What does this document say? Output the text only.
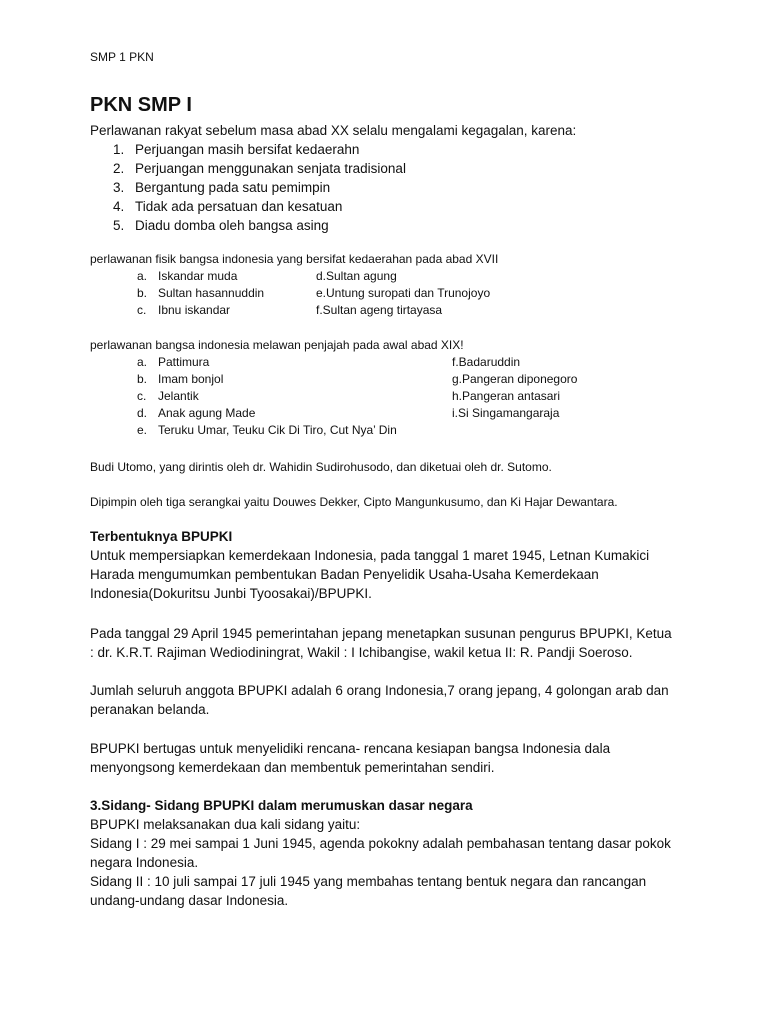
SMP 1 PKN
PKN SMP I
Perlawanan rakyat sebelum masa abad XX selalu mengalami kegagalan, karena:
1. Perjuangan masih bersifat kedaerahn
2. Perjuangan menggunakan senjata tradisional
3. Bergantung pada satu pemimpin
4. Tidak ada persatuan dan kesatuan
5. Diadu domba oleh bangsa asing
perlawanan fisik bangsa indonesia yang bersifat kedaerahan pada abad XVII
a. Iskandar muda
b. Sultan hasannuddin
c. Ibnu iskandar
d.Sultan agung
e.Untung suropati dan Trunojoyo
f.Sultan ageng tirtayasa
perlawanan bangsa indonesia melawan penjajah pada awal abad XIX!
a. Pattimura
b. Imam bonjol
c. Jelantik
d. Anak agung Made
e. Teruku Umar, Teuku Cik Di Tiro, Cut Nya’ Din
f.Badaruddin
g.Pangeran diponegoro
h.Pangeran antasari
i.Si Singamangaraja
Budi Utomo, yang dirintis oleh dr. Wahidin Sudirohusodo, dan diketuai oleh dr. Sutomo.
Dipimpin oleh tiga serangkai yaitu Douwes Dekker, Cipto Mangunkusumo, dan Ki Hajar Dewantara.
Terbentuknya BPUPKI
Untuk mempersiapkan kemerdekaan Indonesia, pada tanggal 1 maret 1945, Letnan Kumakici
Harada mengumumkan pembentukan Badan Penyelidik Usaha-Usaha Kemerdekaan
Indonesia(Dokuritsu Junbi Tyoosakai)/BPUPKI.
Pada tanggal 29 April 1945 pemerintahan jepang menetapkan susunan pengurus BPUPKI, Ketua
: dr. K.R.T. Rajiman Wediodiningrat, Wakil : I Ichibangise, wakil ketua II: R. Pandji Soeroso.
Jumlah seluruh anggota BPUPKI adalah 6 orang Indonesia,7 orang jepang, 4 golongan arab dan
peranakan belanda.
BPUPKI bertugas untuk menyelidiki rencana- rencana kesiapan bangsa Indonesia dala
menyongsong kemerdekaan dan membentuk pemerintahan sendiri.
3.Sidang- Sidang BPUPKI dalam merumuskan dasar negara
BPUPKI melaksanakan dua kali sidang yaitu:
Sidang I : 29 mei sampai 1 Juni 1945, agenda pokokny adalah pembahasan tentang dasar pokok
negara Indonesia.
Sidang II : 10 juli sampai 17 juli 1945 yang membahas tentang bentuk negara dan rancangan
undang-undang dasar Indonesia.
